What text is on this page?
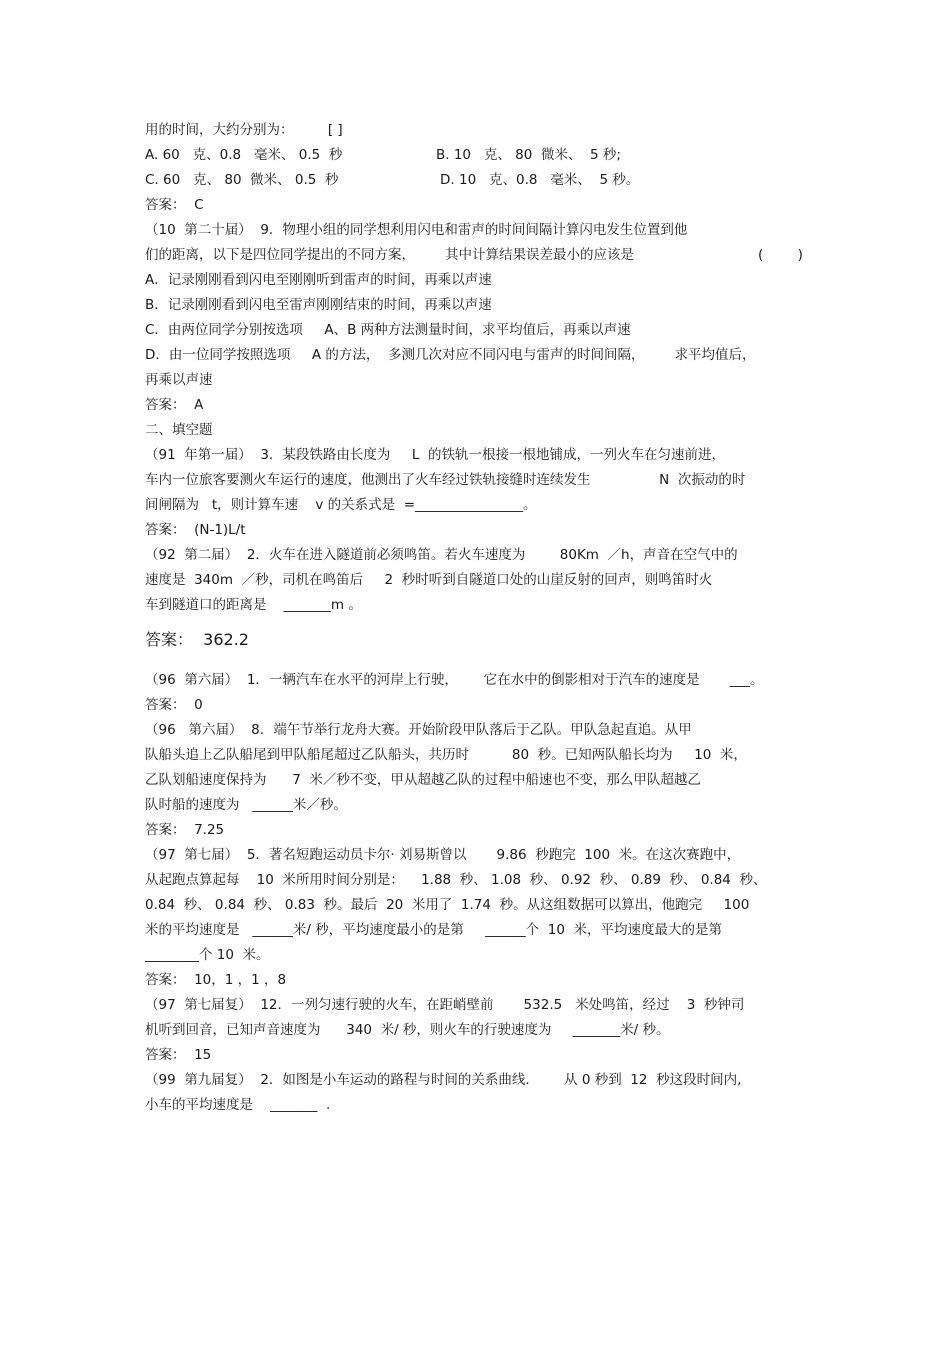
用的时间，大约分别为：        [ ]
A. 60   克、0.8   毫米、 0.5  秒	B. 10   克、 80  微米、  5 秒;
C. 60   克、 80  微米、 0.5  秒	D. 10   克、0.8   毫米、  5 秒。
答案：  C
（10  第二十届）  9．物理小组的同学想利用闪电和雷声的时间间隔计算闪电发生位置到他
们的距离，以下是四位同学提出的不同方案，       其中计算结果误差最小的应该是	(        )
A．记录刚刚看到闪电至刚刚听到雷声的时间，再乘以声速
B．记录刚刚看到闪电至雷声刚刚结束的时间，再乘以声速
C．由两位同学分别按选项     A、B 两种方法测量时间，求平均值后，再乘以声速
D．由一位同学按照选项     A 的方法，  多测几次对应不同闪电与雷声的时间间隔，       求平均值后，
再乘以声速
答案：  A
二、填空题
（91  年第一届）  3．某段铁路由长度为     L  的铁轨一根接一根地铺成，一列火车在匀速前进，
车内一位旅客要测火车运行的速度，他测出了火车经过铁轨接缝时连续发生                N  次振动的时
间闸隔为   t，则计算车速    v 的关系式是  =________________。
答案：  (N-1)L/t
（92  第二届）  2．火车在进入隧道前必须鸣笛。若火车速度为        80Km  ／h，声音在空气中的
速度是  340m  ／秒，司机在鸣笛后     2  秒时听到自隧道口处的山崖反射的回声，则鸣笛时火
车到隧道口的距离是    _______m 。
答案：  362.2
（96  第六届）  1．一辆汽车在水平的河岸上行驶，      它在水中的倒影相对于汽车的速度是       ___。
答案：  0
（96   第六届）  8．端午节举行龙舟大赛。开始阶段甲队落后于乙队。甲队急起直追。从甲
队船头追上乙队船尾到甲队船尾超过乙队船头，共历时          80  秒。已知两队船长均为     10  米，
乙队划船速度保持为      7  米／秒不变，甲从超越乙队的过程中船速也不变，那么甲队超越乙
队时船的速度为   ______米／秒。
答案：  7.25
（97  第七届）  5．著名短跑运动员卡尔· 刘易斯曾以       9.86  秒跑完  100  米。在这次赛跑中，
从起跑点算起每    10  米所用时间分别是：    1.88  秒、 1.08  秒、 0.92  秒、 0.89  秒、 0.84  秒、
0.84  秒、 0.84  秒、 0.83  秒。最后  20  米用了  1.74  秒。从这组数据可以算出，他跑完     100
米的平均速度是   ______米/ 秒，平均速度最小的是第     ______个  10  米，平均速度最大的是第
________个 10  米。
答案：  10，1 ，1 ，8
（97  第七届复）  12．一列匀速行驶的火车，在距峭壁前       532.5   米处鸣笛，经过    3  秒钟司
机听到回音，已知声音速度为      340  米/ 秒，则火车的行驶速度为     _______米/ 秒。
答案：  15
（99  第九届复）  2．如图是小车运动的路程与时间的关系曲线.        从 0 秒到  12  秒这段时间内,
小车的平均速度是    _______  .
